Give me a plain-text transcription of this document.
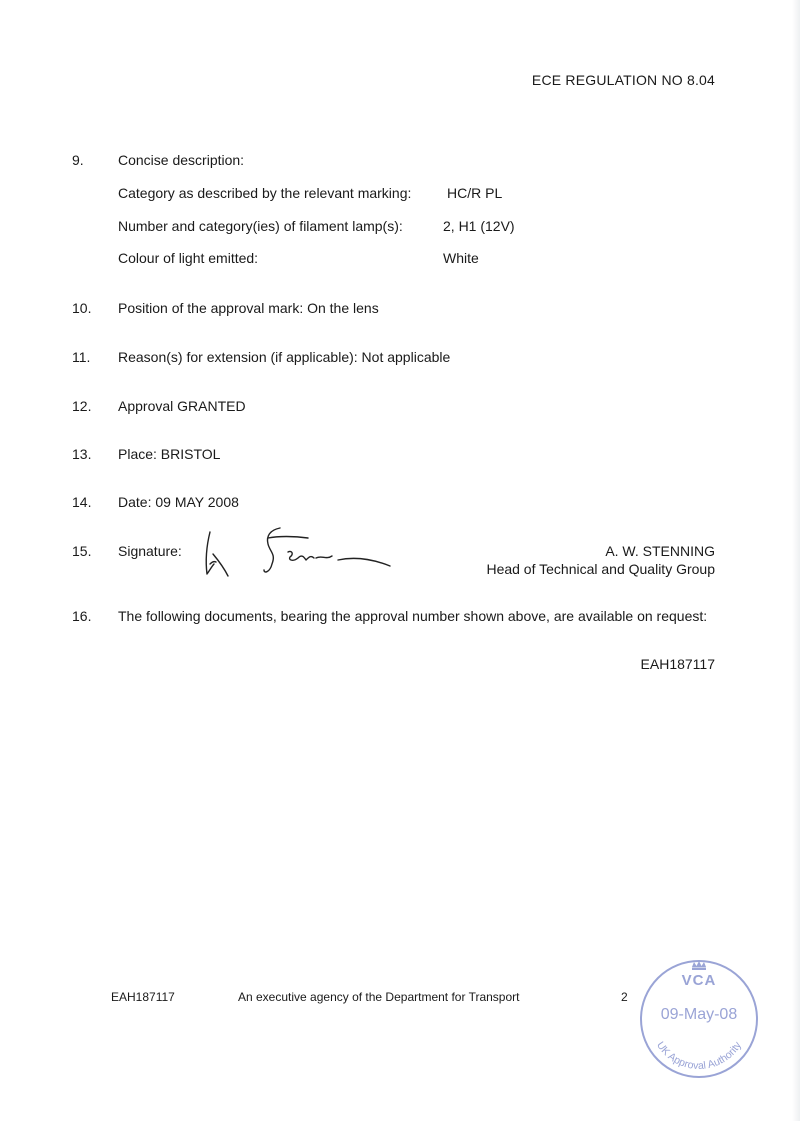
ECE REGULATION NO 8.04
9. Concise description:
Category as described by the relevant marking:	HC/R PL
Number and category(ies) of filament lamp(s):	2, H1 (12V)
Colour of light emitted:	White
10. Position of the approval mark: On the lens
11. Reason(s) for extension (if applicable): Not applicable
12. Approval GRANTED
13. Place: BRISTOL
14. Date: 09 MAY 2008
15. Signature:	A. W. STENNING
Head of Technical and Quality Group
16. The following documents, bearing the approval number shown above, are available on request:
EAH187117
EAH187117	An executive agency of the Department for Transport	2
VCA
09-May-08
UK Approval Authority
